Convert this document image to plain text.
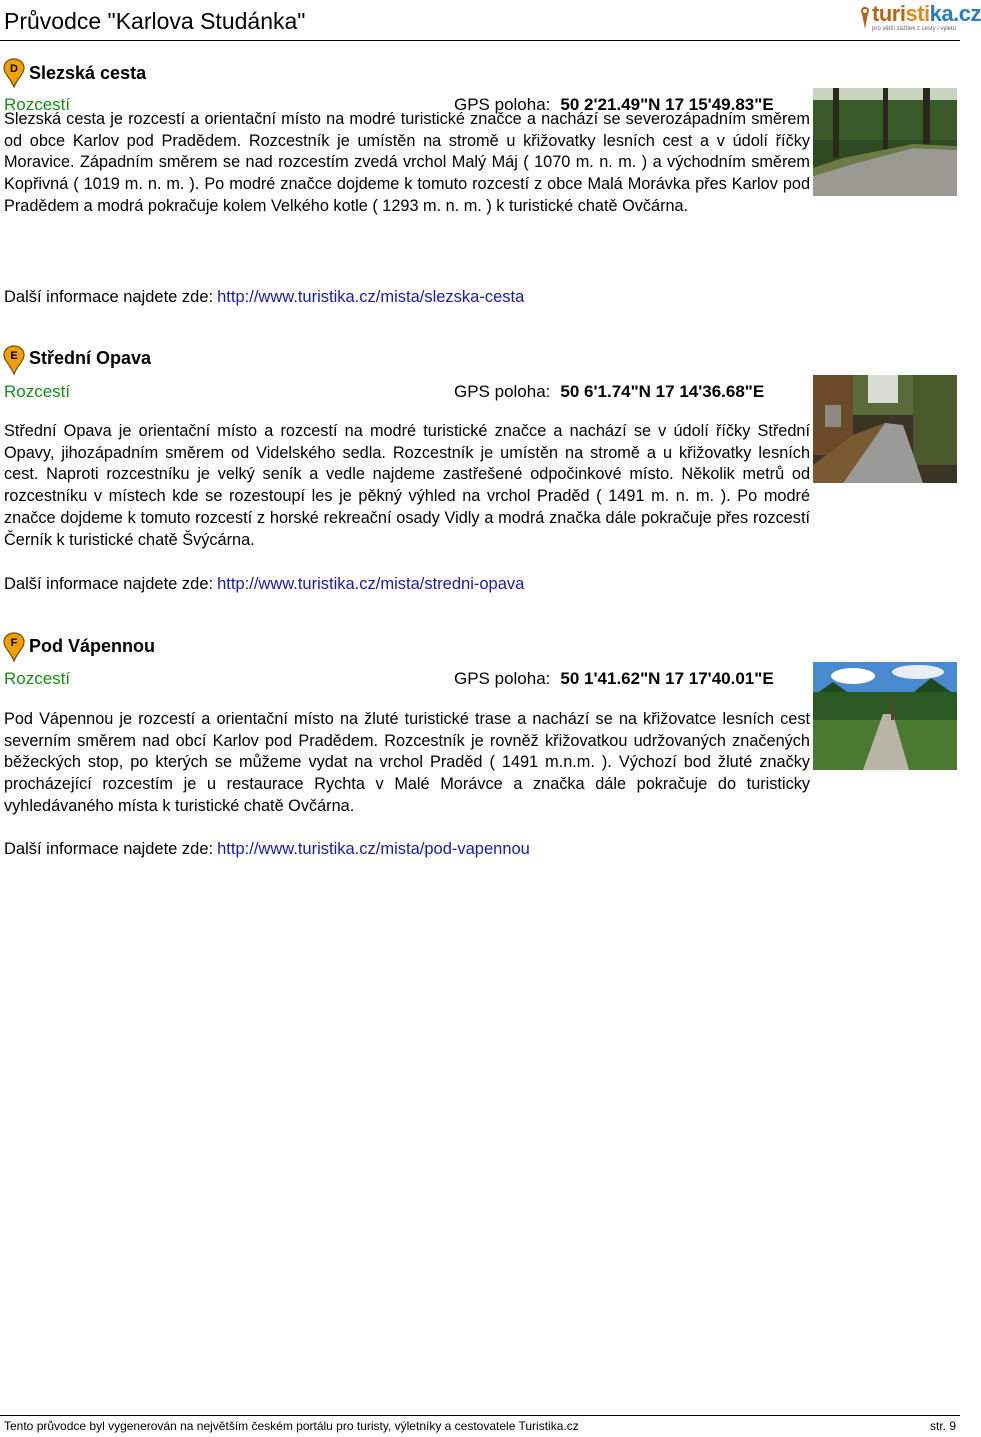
Průvodce "Karlova Studánka"	turistika.cz
pro větší zážitek z cesty i výletu
D Slezská cesta
Rozcestí	GPS poloha: 50 2'21.49"N 17 15'49.83"E
Slezská cesta je rozcestí a orientační místo na modré turistické značce a nachází se severozápadním směrem od obce Karlov pod Pradědem. Rozcestník je umístěn na stromě u křižovatky lesních cest a v údolí říčky Moravice. Západním směrem se nad rozcestím zvedá vrchol Malý Máj ( 1070 m. n. m. ) a východním směrem Kopřivná ( 1019 m. n. m. ). Po modré značce dojdeme k tomuto rozcestí z obce Malá Morávka přes Karlov pod Pradědem a modrá pokračuje kolem Velkého kotle ( 1293 m. n. m. ) k turistické chatě Ovčárna.
Další informace najdete zde: http://www.turistika.cz/mista/slezska-cesta
E Střední Opava
Rozcestí	GPS poloha: 50 6'1.74"N 17 14'36.68"E
Střední Opava je orientační místo a rozcestí na modré turistické značce a nachází se v údolí říčky Střední Opavy, jihozápadním směrem od Videlského sedla. Rozcestník je umístěn na stromě a u křižovatky lesních cest. Naproti rozcestníku je velký seník a vedle najdeme zastřešené odpočinkové místo. Několik metrů od rozcestníku v místech kde se rozestoupí les je pěkný výhled na vrchol Praděd ( 1491 m. n. m. ). Po modré značce dojdeme k tomuto rozcestí z horské rekreační osady Vidly a modrá značka dále pokračuje přes rozcestí Černík k turistické chatě Švýcárna.
Další informace najdete zde: http://www.turistika.cz/mista/stredni-opava
F Pod Vápennou
Rozcestí	GPS poloha: 50 1'41.62"N 17 17'40.01"E
Pod Vápennou je rozcestí a orientační místo na žluté turistické trase a nachází se na křižovatce lesních cest severním směrem nad obcí Karlov pod Pradědem. Rozcestník je rovněž křižovatkou udržovaných značených běžeckých stop, po kterých se můžeme vydat na vrchol Praděd ( 1491 m.n.m. ). Výchozí bod žluté značky procházející rozcestím je u restaurace Rychta v Malé Morávce a značka dále pokračuje do turisticky vyhledávaného místa k turistické chatě Ovčárna.
Další informace najdete zde: http://www.turistika.cz/mista/pod-vapennou
Tento průvodce byl vygenerován na největším českém portálu pro turisty, výletníky a cestovatele Turistika.cz	str. 9
